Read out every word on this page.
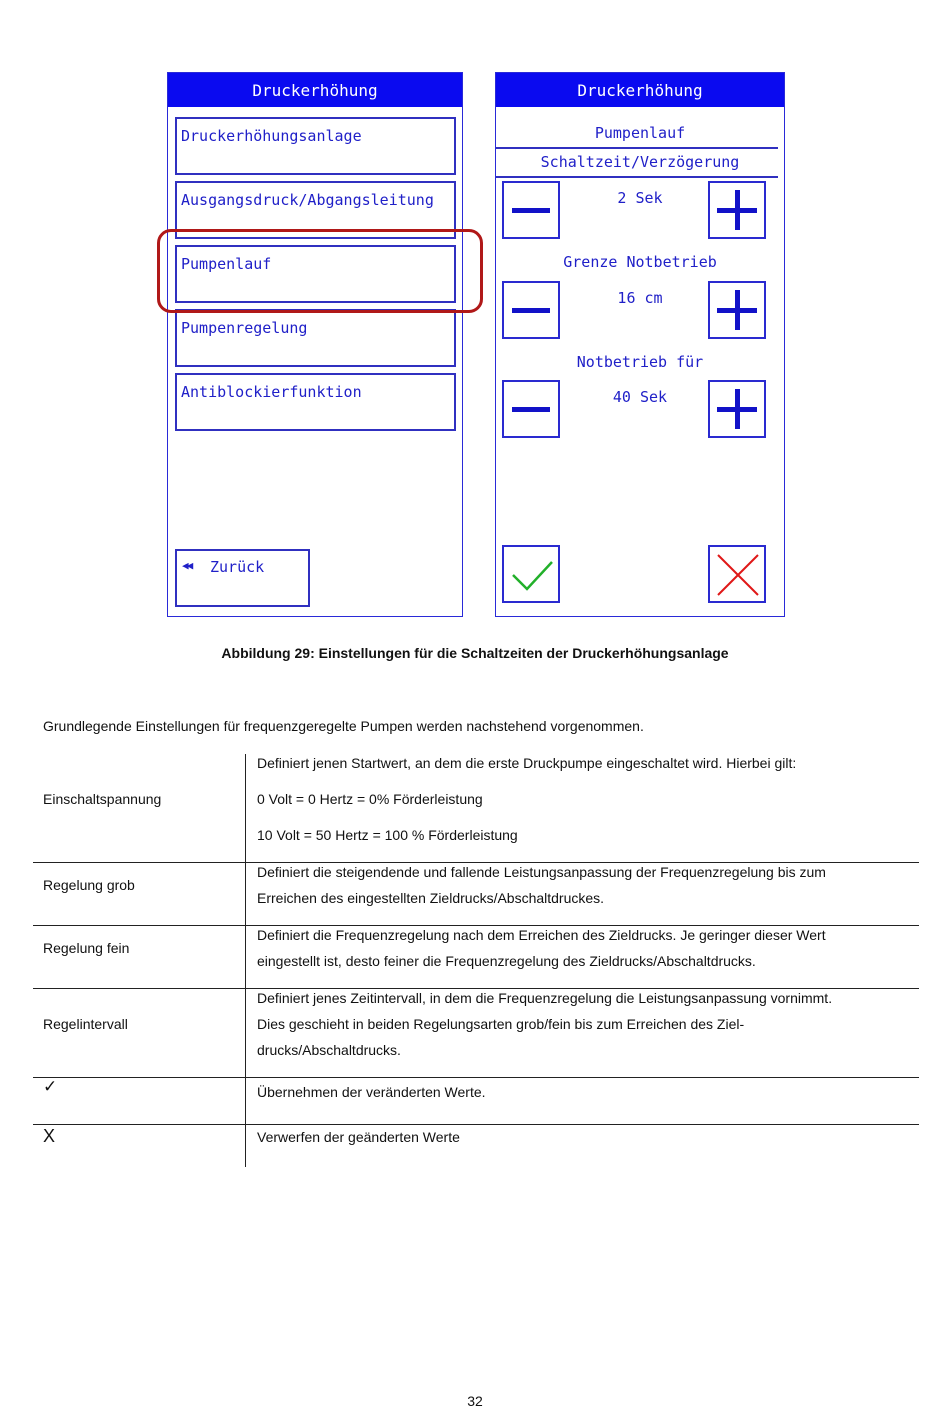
Druckerhöhung
Druckerhöhungsanlage
Ausgangsdruck/Abgangsleitung
Pumpenlauf
Pumpenregelung
Antiblockierfunktion
◀◀ Zurück
Druckerhöhung
Pumpenlauf
Schaltzeit/Verzögerung
2 Sek
Grenze Notbetrieb
16 cm
Notbetrieb für
40 Sek
Abbildung 29: Einstellungen für die Schaltzeiten der Druckerhöhungsanlage
Grundlegende Einstellungen für frequenzgeregelte Pumpen werden nachstehend vorgenommen.
Einschaltspannung
Definiert jenen Startwert, an dem die erste Druckpumpe eingeschaltet wird. Hierbei gilt:
0 Volt = 0 Hertz = 0% Förderleistung
10 Volt = 50 Hertz = 100 % Förderleistung
Regelung grob
Definiert die steigendende und fallende Leistungsanpassung der Frequenzregelung bis zum
Erreichen des eingestellten Zieldrucks/Abschaltdruckes.
Regelung fein
Definiert die Frequenzregelung nach dem Erreichen des Zieldrucks. Je geringer dieser Wert
eingestellt ist, desto feiner die Frequenzregelung des Zieldrucks/Abschaltdrucks.
Regelintervall
Definiert jenes Zeitintervall, in dem die Frequenzregelung die Leistungsanpassung vornimmt.
Dies geschieht in beiden Regelungsarten grob/fein bis zum Erreichen des Ziel-
drucks/Abschaltdrucks.
✓	Übernehmen der veränderten Werte.
X	Verwerfen der geänderten Werte
32
